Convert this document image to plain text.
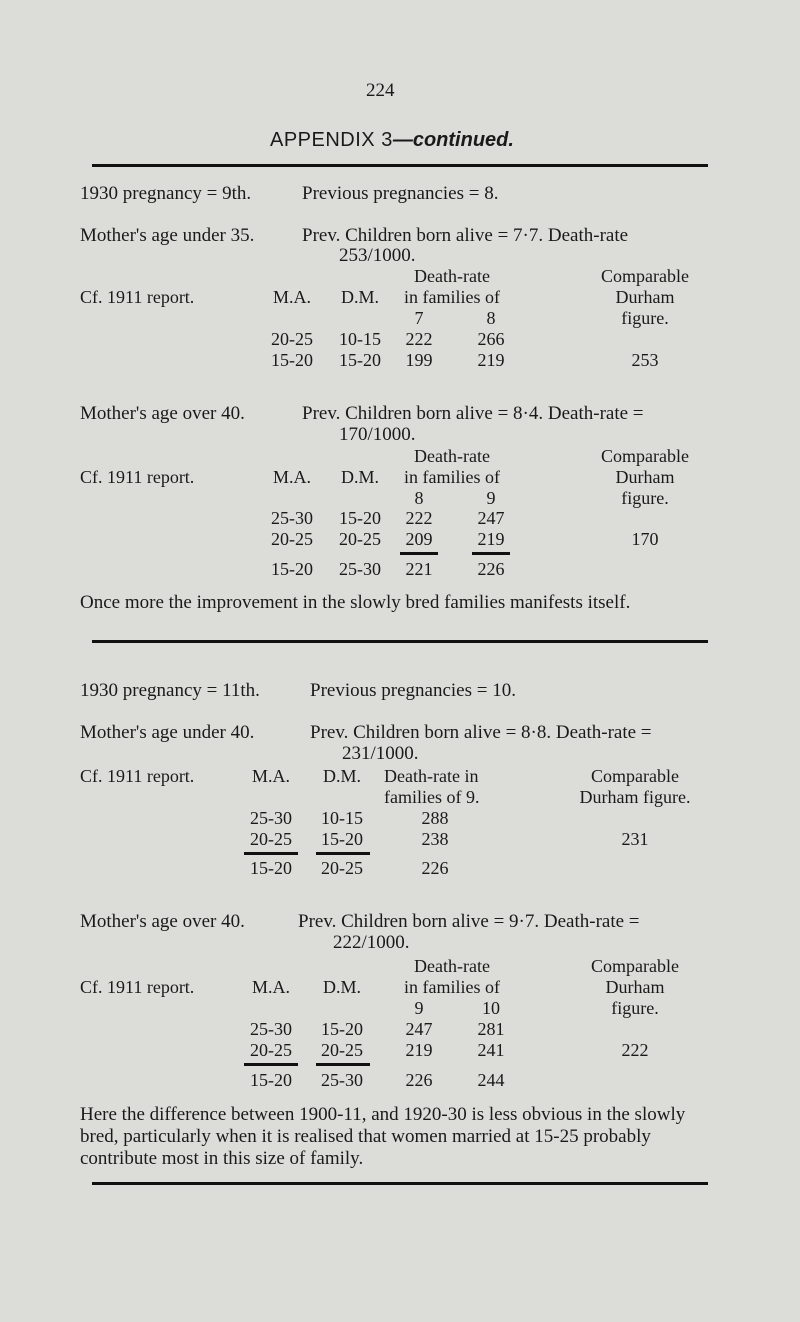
224
APPENDIX 3—continued.
1930 pregnancy = 9th.	Previous pregnancies = 8.
Mother's age under 35.	Prev. Children born alive = 7·7. Death-rate
253/1000.
Death-rate
in families of
Comparable
Durham
figure.
Cf. 1911 report.	M.A.	D.M.
7	8
20-25	10-15	222	266
15-20	15-20	199	219	253
Mother's age over 40.	Prev. Children born alive = 8·4. Death-rate =
170/1000.
Death-rate
in families of
Comparable
Durham
figure.
Cf. 1911 report.	M.A.	D.M.
8	9
25-30	15-20	222	247
20-25	20-25	209	219	170
15-20	25-30	221	226
Once more the improvement in the slowly bred families manifests itself.
1930 pregnancy = 11th.	Previous pregnancies = 10.
Mother's age under 40.	Prev. Children born alive = 8·8. Death-rate =
231/1000.
Cf. 1911 report.	M.A.	D.M.	Death-rate in
families of 9.
Comparable
Durham figure.
25-30	10-15	288
20-25	15-20	238	231
15-20	20-25	226
Mother's age over 40.	Prev. Children born alive = 9·7. Death-rate =
222/1000.
Death-rate
in families of
Comparable
Durham
figure.
Cf. 1911 report.	M.A.	D.M.
9	10
25-30	15-20	247	281
20-25	20-25	219	241	222
15-20	25-30	226	244
Here the difference between 1900-11, and 1920-30 is less obvious in the slowly bred, particularly when it is realised that women married at 15-25 probably contribute most in this size of family.
